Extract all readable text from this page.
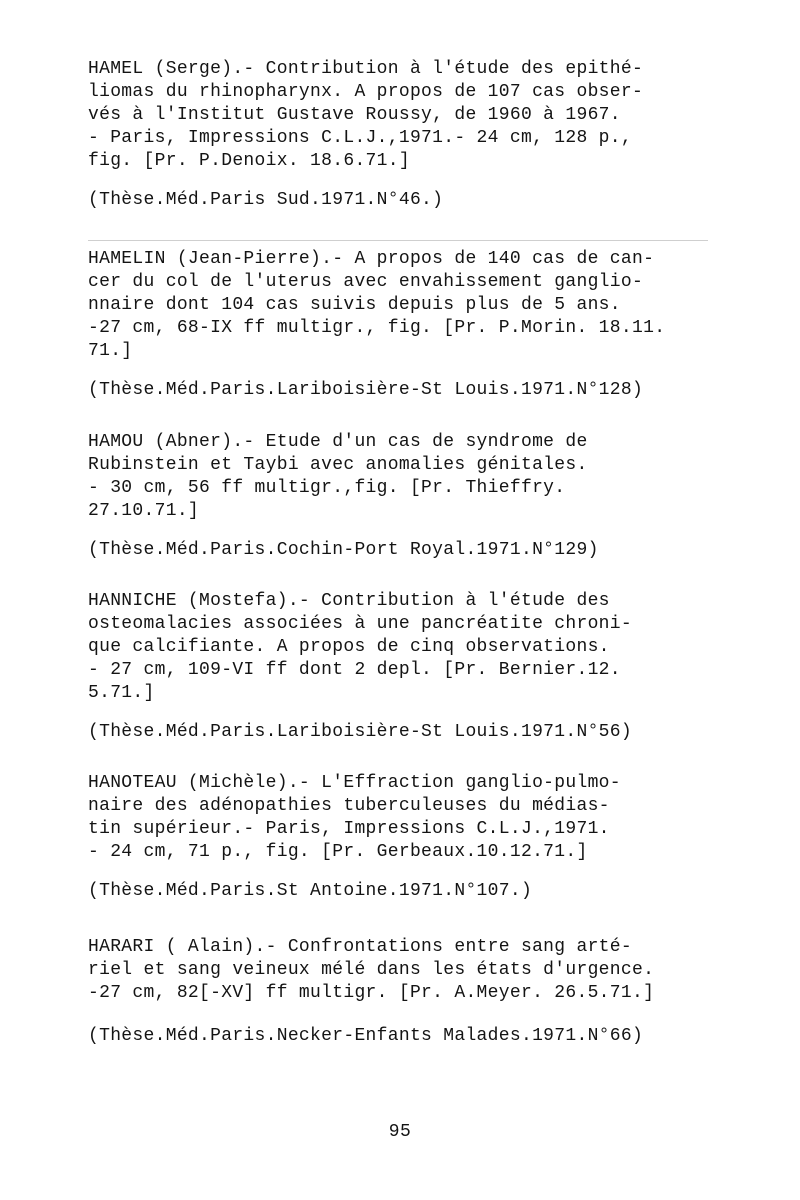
HAMEL (Serge).- Contribution à l'étude des epithé-
liomas du rhinopharynx. A propos de 107 cas obser-
vés à l'Institut Gustave Roussy, de 1960 à 1967.
- Paris, Impressions C.L.J.,1971.- 24 cm, 128 p.,
fig. [Pr. P.Denoix. 18.6.71.]
(Thèse.Méd.Paris Sud.1971.N°46.)
HAMELIN (Jean-Pierre).- A propos de 140 cas de can-
cer du col de l'uterus avec envahissement ganglio-
nnaire dont 104 cas suivis depuis plus de 5 ans.
-27 cm, 68-IX ff multigr., fig. [Pr. P.Morin. 18.11.
71.]
(Thèse.Méd.Paris.Lariboisière-St Louis.1971.N°128)
HAMOU (Abner).- Etude d'un cas de syndrome de
Rubinstein et Taybi avec anomalies génitales.
- 30 cm, 56 ff multigr.,fig. [Pr. Thieffry.
27.10.71.]
(Thèse.Méd.Paris.Cochin-Port Royal.1971.N°129)
HANNICHE (Mostefa).- Contribution à l'étude des
osteomalacies associées à une pancréatite chroni-
que calcifiante. A propos de cinq observations.
- 27 cm, 109-VI ff dont 2 depl. [Pr. Bernier.12.
5.71.]
(Thèse.Méd.Paris.Lariboisière-St Louis.1971.N°56)
HANOTEAU (Michèle).- L'Effraction ganglio-pulmo-
naire des adénopathies tuberculeuses du médias-
tin supérieur.- Paris, Impressions C.L.J.,1971.
- 24 cm, 71 p., fig. [Pr. Gerbeaux.10.12.71.]
(Thèse.Méd.Paris.St Antoine.1971.N°107.)
HARARI ( Alain).- Confrontations entre sang arté-
riel et sang veineux mélé dans les états d'urgence.
-27 cm, 82[-XV] ff multigr. [Pr. A.Meyer. 26.5.71.]
(Thèse.Méd.Paris.Necker-Enfants Malades.1971.N°66)
95
